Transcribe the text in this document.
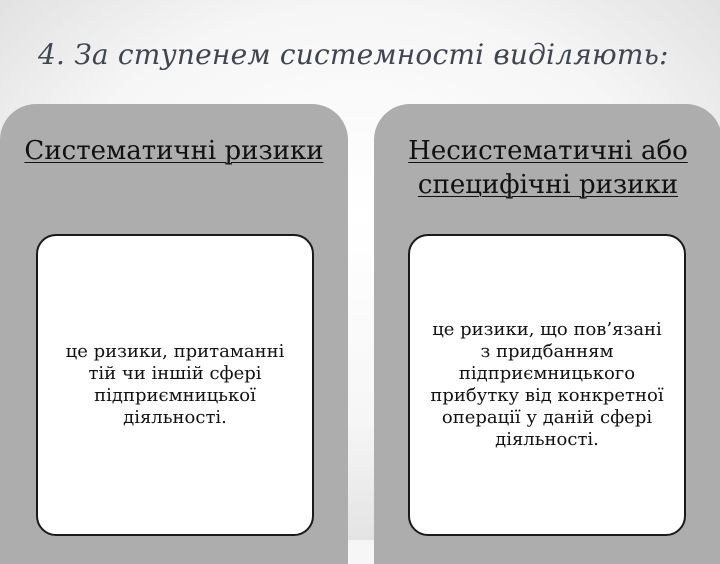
4. За ступенем системності виділяють:
Систематичні ризики

це ризики, притаманні тій чи іншій сфері підприємницької діяльності.

Несистематичні або специфічні ризики

це ризики, що пов’язані з придбанням підприємницького прибутку від конкретної операції у даній сфері діяльності.
